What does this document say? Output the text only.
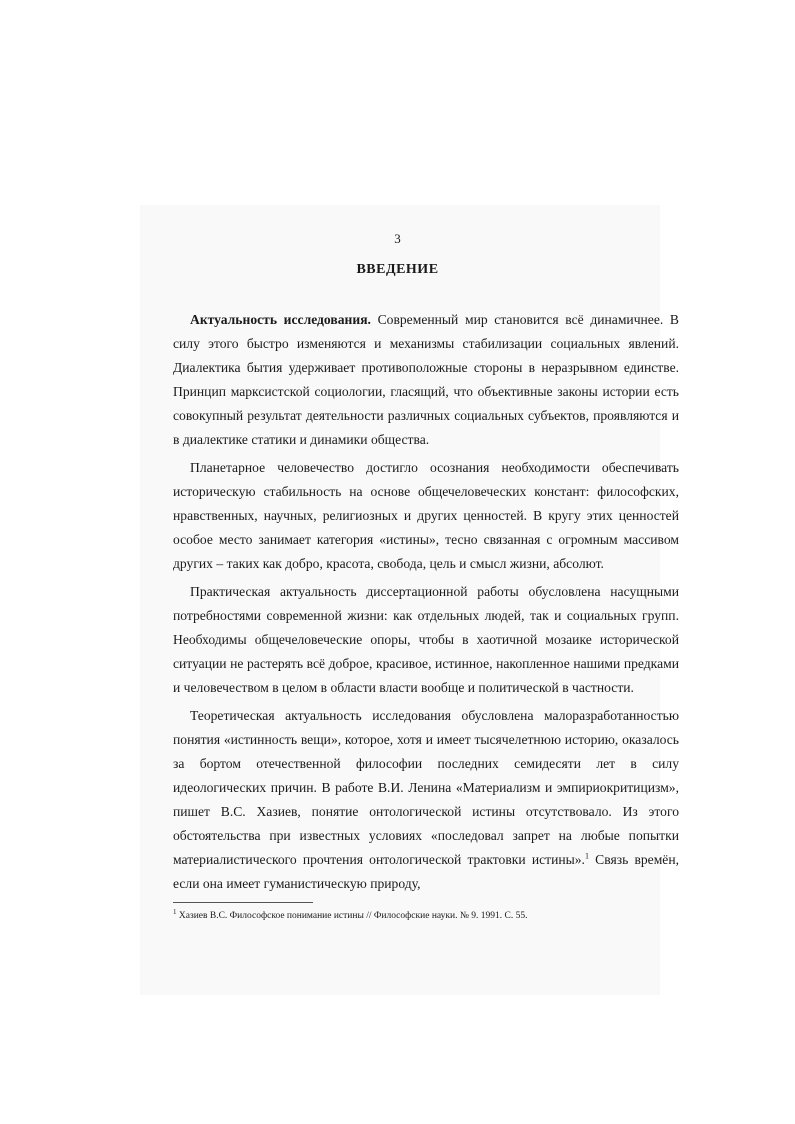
3
ВВЕДЕНИЕ

Актуальность исследования. Современный мир становится всё динамичнее. В силу этого быстро изменяются и механизмы стабилизации социальных явлений. Диалектика бытия удерживает противоположные стороны в неразрывном единстве. Принцип марксистской социологии, гласящий, что объективные законы истории есть совокупный результат деятельности различных социальных субъектов, проявляются и в диалектике статики и динамики общества.

Планетарное человечество достигло осознания необходимости обеспечивать историческую стабильность на основе общечеловеческих констант: философских, нравственных, научных, религиозных и других ценностей. В кругу этих ценностей особое место занимает категория «истины», тесно связанная с огромным массивом других – таких как добро, красота, свобода, цель и смысл жизни, абсолют.

Практическая актуальность диссертационной работы обусловлена насущными потребностями современной жизни: как отдельных людей, так и социальных групп. Необходимы общечеловеческие опоры, чтобы в хаотичной мозаике исторической ситуации не растерять всё доброе, красивое, истинное, накопленное нашими предками и человечеством в целом в области власти вообще и политической в частности.

Теоретическая актуальность исследования обусловлена малоразработанностью понятия «истинность вещи», которое, хотя и имеет тысячелетнюю историю, оказалось за бортом отечественной философии последних семидесяти лет в силу идеологических причин. В работе В.И. Ленина «Материализм и эмпириокритицизм», пишет В.С. Хазиев, понятие онтологической истины отсутствовало. Из этого обстоятельства при известных условиях «последовал запрет на любые попытки материалистического прочтения онтологической трактовки истины».$^1$ Связь времён, если она имеет гуманистическую природу,

$^1$ Хазиев В.С. Философское понимание истины // Философские науки. № 9. 1991. С. 55.
